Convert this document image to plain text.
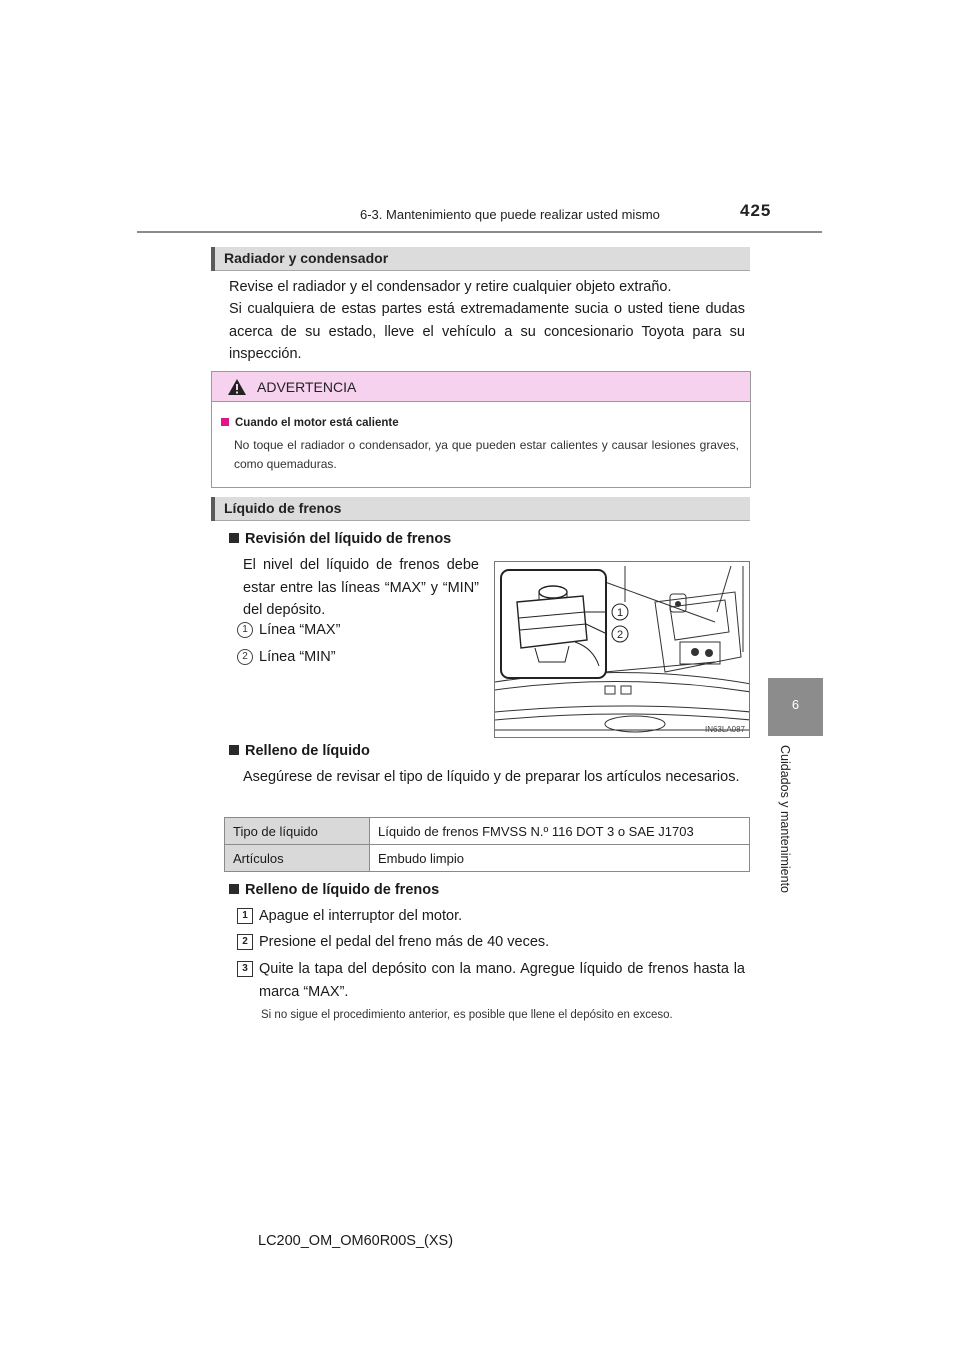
6-3. Mantenimiento que puede realizar usted mismo	425
6
Cuidados y mantenimiento
Radiador y condensador
Revise el radiador y el condensador y retire cualquier objeto extraño.
Si cualquiera de estas partes está extremadamente sucia o usted tiene dudas acerca de su estado, lleve el vehículo a su concesionario Toyota para su inspección.
ADVERTENCIA
Cuando el motor está caliente
No toque el radiador o condensador, ya que pueden estar calientes y causar lesiones graves, como quemaduras.
Líquido de frenos
Revisión del líquido de frenos
El nivel del líquido de frenos debe estar entre las líneas “MAX” y “MIN” del depósito.
1 Línea “MAX”
2 Línea “MIN”
1
2
IN63LA087
Relleno de líquido
Asegúrese de revisar el tipo de líquido y de preparar los artículos necesarios.
Tipo de líquido	Líquido de frenos FMVSS N.º 116 DOT 3 o SAE J1703
Artículos	Embudo limpio
Relleno de líquido de frenos
1 Apague el interruptor del motor.
2 Presione el pedal del freno más de 40 veces.
3 Quite la tapa del depósito con la mano. Agregue líquido de frenos hasta la marca “MAX”.
Si no sigue el procedimiento anterior, es posible que llene el depósito en exceso.
LC200_OM_OM60R00S_(XS)
